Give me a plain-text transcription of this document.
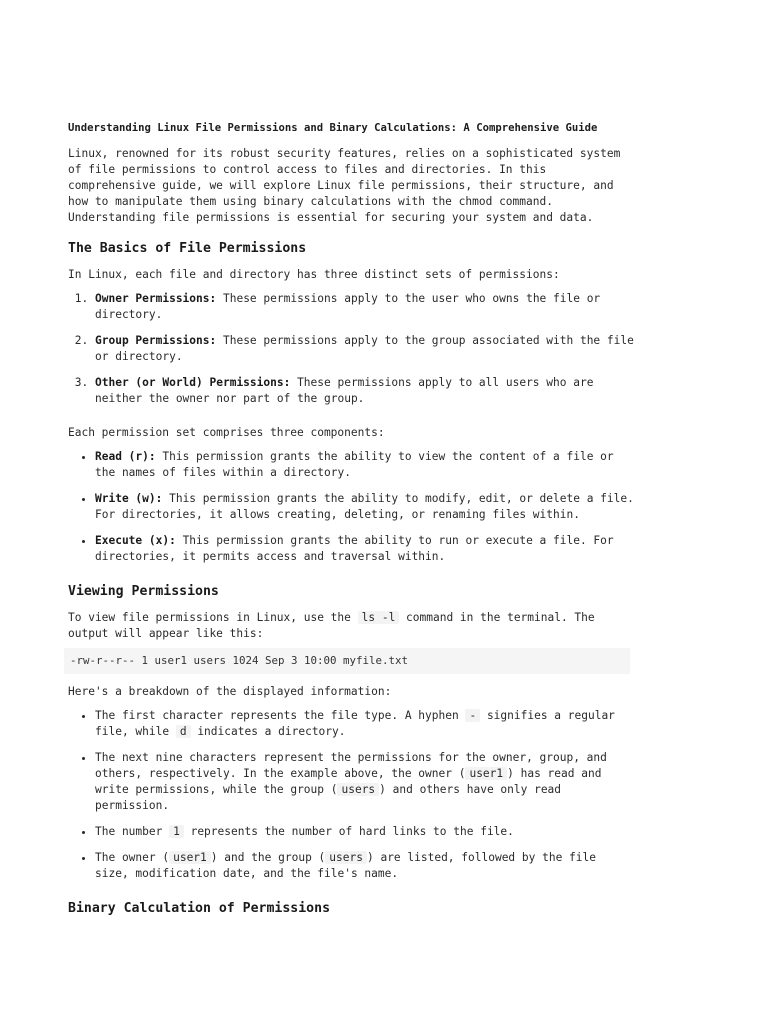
Understanding Linux File Permissions and Binary Calculations: A Comprehensive Guide

Linux, renowned for its robust security features, relies on a sophisticated system of file permissions to control access to files and directories. In this comprehensive guide, we will explore Linux file permissions, their structure, and how to manipulate them using binary calculations with the chmod command. Understanding file permissions is essential for securing your system and data.

The Basics of File Permissions

In Linux, each file and directory has three distinct sets of permissions:

1. Owner Permissions: These permissions apply to the user who owns the file or directory.
2. Group Permissions: These permissions apply to the group associated with the file or directory.
3. Other (or World) Permissions: These permissions apply to all users who are neither the owner nor part of the group.

Each permission set comprises three components:

• Read (r): This permission grants the ability to view the content of a file or the names of files within a directory.
• Write (w): This permission grants the ability to modify, edit, or delete a file. For directories, it allows creating, deleting, or renaming files within.
• Execute (x): This permission grants the ability to run or execute a file. For directories, it permits access and traversal within.
Viewing Permissions

To view file permissions in Linux, use the ls -l command in the terminal. The output will appear like this:

-rw-r--r-- 1 user1 users 1024 Sep 3 10:00 myfile.txt

Here's a breakdown of the displayed information:

• The first character represents the file type. A hyphen - signifies a regular file, while d indicates a directory.
• The next nine characters represent the permissions for the owner, group, and others, respectively. In the example above, the owner ( user1 ) has read and write permissions, while the group ( users ) and others have only read permission.
• The number 1 represents the number of hard links to the file.
• The owner ( user1 ) and the group ( users ) are listed, followed by the file size, modification date, and the file's name.
Binary Calculation of Permissions
